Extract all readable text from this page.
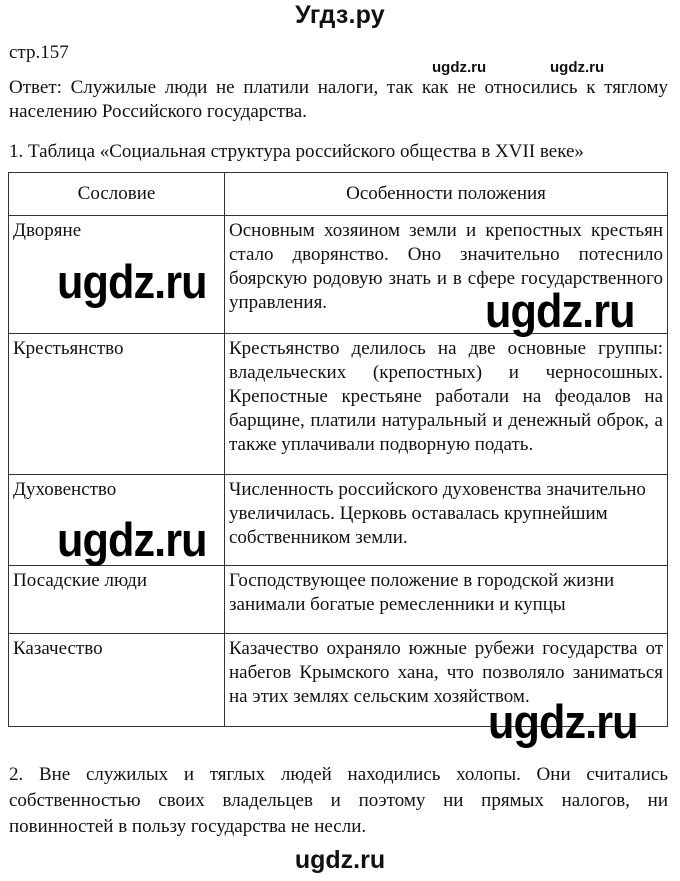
Угдз.ру
стр.157
ugdz.ru	ugdz.ru
Ответ: Служилые люди не платили налоги, так как не относились к тяглому населению Российского государства.
1. Таблица «Социальная структура российского общества в XVII веке»
Сословие	Особенности положения
Дворяне	Основным хозяином земли и крепостных крестьян стало дворянство. Оно значительно потеснило боярскую родовую знать и в сфере государственного управления.
Крестьянство	Крестьянство делилось на две основные группы: владельческих (крепостных) и черносошных. Крепостные крестьяне работали на феодалов на барщине, платили натуральный и денежный оброк, а также уплачивали подворную подать.
Духовенство	Численность российского духовенства значительно увеличилась. Церковь оставалась крупнейшим собственником земли.
Посадские люди	Господствующее положение в городской жизни занимали богатые ремесленники и купцы
Казачество	Казачество охраняло южные рубежи государства от набегов Крымского хана, что позволяло заниматься на этих землях сельским хозяйством.
ugdz.ru
ugdz.ru
ugdz.ru
ugdz.ru
2. Вне служилых и тяглых людей находились холопы. Они считались собственностью своих владельцев и поэтому ни прямых налогов, ни повинностей в пользу государства не несли.
ugdz.ru
